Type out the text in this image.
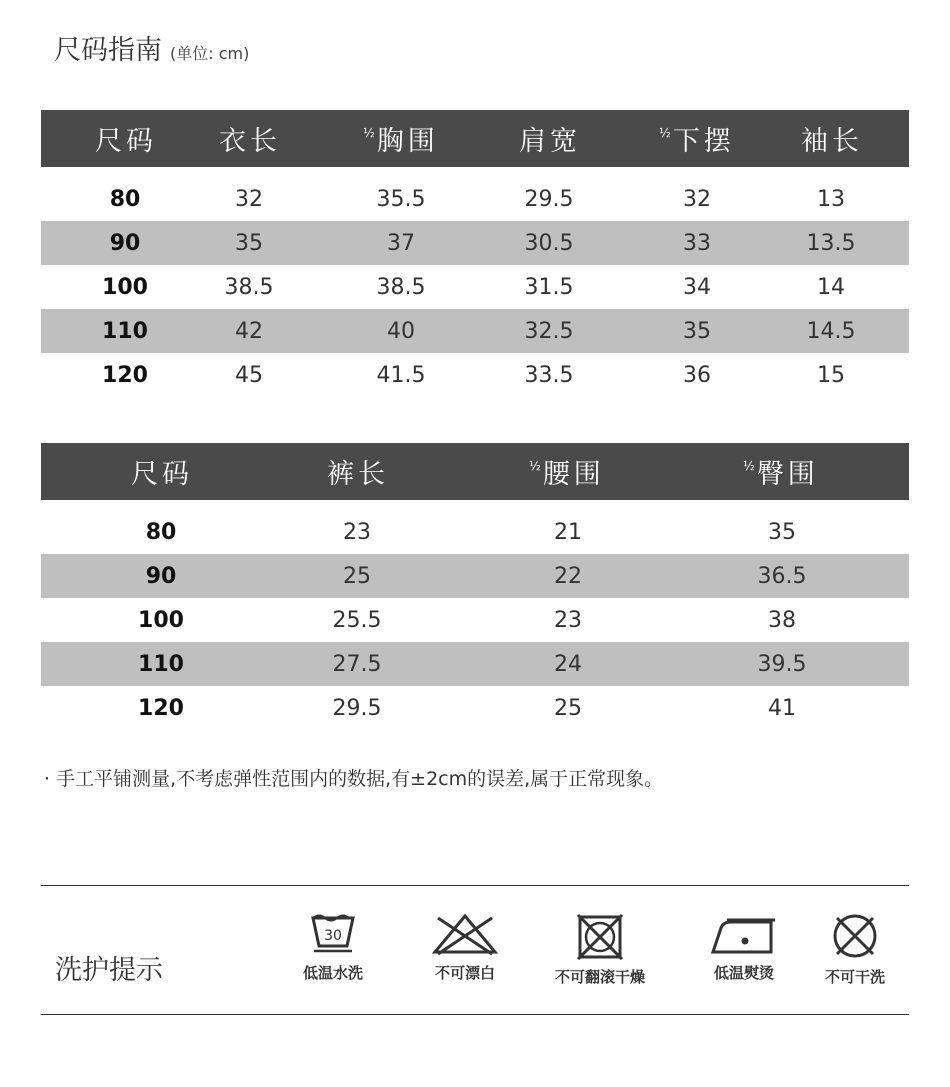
尺码指南 (单位: cm)
尺码 衣长	$^{\frac{1}{2}}$ 胸围	肩宽	$^{\frac{1}{2}}$ 下摆 袖长
80	32	35.5	29.5	32	13
90	35	37	30.5	33	13.5
100	38.5	38.5	31.5	34	14
110	42	40	32.5	35	14.5
120	45	41.5	33.5	36	15
尺码	裤长	$^{\frac{1}{2}}$ 腰围	$^{\frac{1}{2}}$ 臀围
80	23	21	35
90	25	22	36.5
100	25.5	23	38
110	27.5	24	39.5
120	29.5	25	41
· 手工平铺测量,不考虑弹性范围内的数据,有±2cm的误差,属于正常现象。
洗护提示
30
低温水洗	不可漂白	不可翻滚干燥	低温熨烫	不可干洗
